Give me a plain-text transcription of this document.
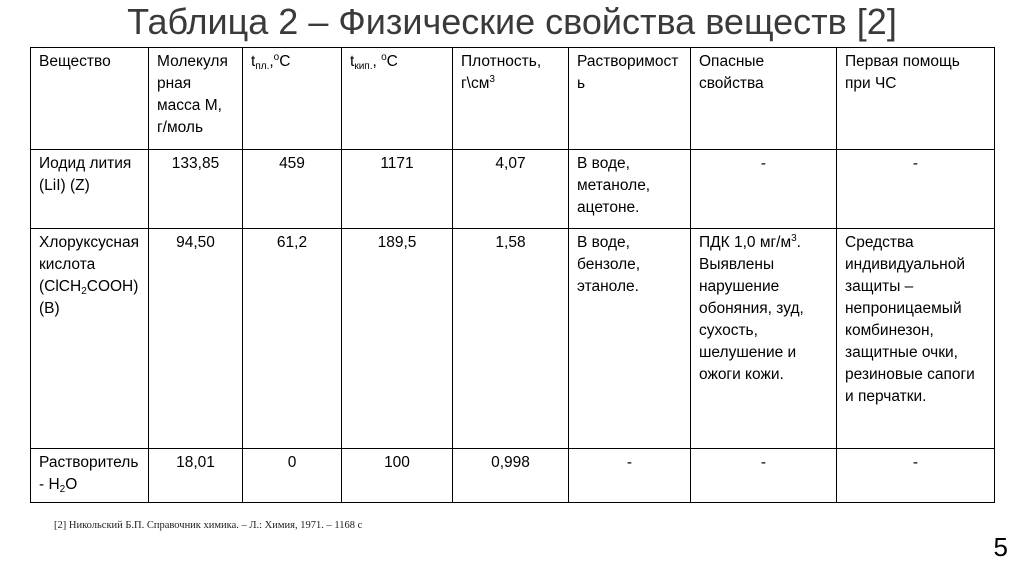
Таблица 2 – Физические свойства веществ [2]
Вещество	Молекулярная масса М, г/моль	$t_{пл.},^oC$	$t_{кип.}$, $^o$C	Плотность, $г\backslash см^3$	Растворимость	Опасные свойства	Первая помощь при ЧС
Иодид лития (LiI) (Z)	133,85	459	1171	4,07	В воде, метаноле, ацетоне.	-	-
Хлоруксусная кислота (ClCH$_2$COOH) (B)	94,50	61,2	189,5	1,58	В воде, бензоле, этаноле.	ПДК 1,0 $мг/м^3$. Выявлены нарушение обоняния, зуд, сухость, шелушение и ожоги кожи.	Средства индивидуальной защиты – непроницаемый комбинезон, защитные очки, резиновые сапоги и перчатки.
Растворитель - $H_2O$	18,01	0	100	0,998	-	-	-
[2] Никольский Б.П. Справочник химика. – Л.: Химия, 1971. – 1168 с
5
